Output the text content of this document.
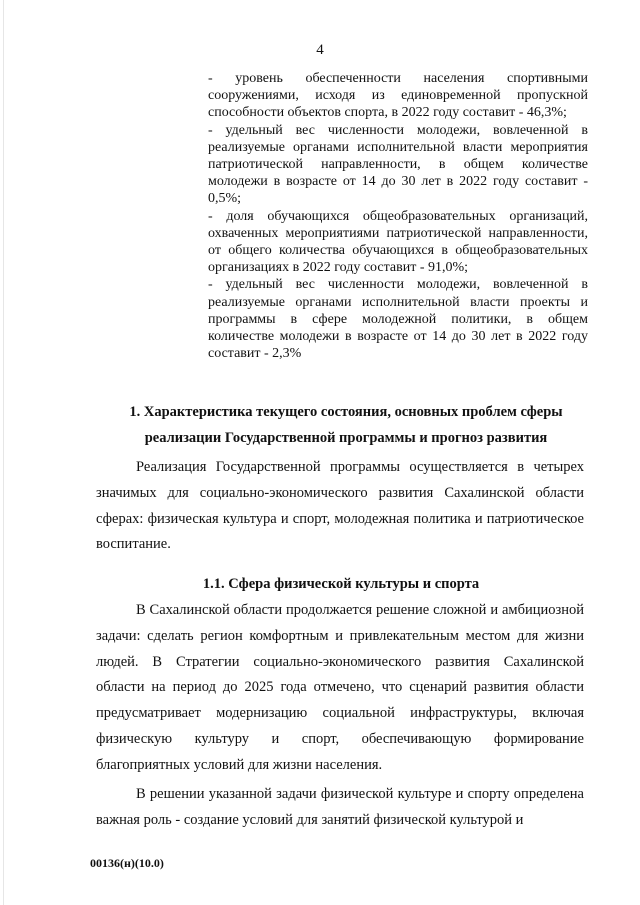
4

- уровень обеспеченности населения спортивными сооружениями, исходя из единовременной пропускной способности объектов спорта, в 2022 году составит - 46,3%;

- удельный вес численности молодежи, вовлеченной в реализуемые органами исполнительной власти мероприятия патриотической направленности, в общем количестве молодежи в возрасте от 14 до 30 лет в 2022 году составит - 0,5%;

- доля обучающихся общеобразовательных организаций, охваченных мероприятиями патриотической направленности, от общего количества обучающихся в общеобразовательных организациях в 2022 году составит - 91,0%;

- удельный вес численности молодежи, вовлеченной в реализуемые органами исполнительной власти проекты и программы в сфере молодежной политики, в общем количестве молодежи в возрасте от 14 до 30 лет в 2022 году составит - 2,3%

1. Характеристика текущего состояния, основных проблем сферы
реализации Государственной программы и прогноз развития

Реализация Государственной программы осуществляется в четырех значимых для социально-экономического развития Сахалинской области сферах: физическая культура и спорт, молодежная политика и патриотическое воспитание.

1.1. Сфера физической культуры и спорта

В Сахалинской области продолжается решение сложной и амбициозной задачи: сделать регион комфортным и привлекательным местом для жизни людей. В Стратегии социально-экономического развития Сахалинской области на период до 2025 года отмечено, что сценарий развития области предусматривает модернизацию социальной инфраструктуры, включая физическую культуру и спорт, обеспечивающую формирование благоприятных условий для жизни населения.

В решении указанной задачи физической культуре и спорту определена важная роль - создание условий для занятий физической культурой и

00136(н)(10.0)
